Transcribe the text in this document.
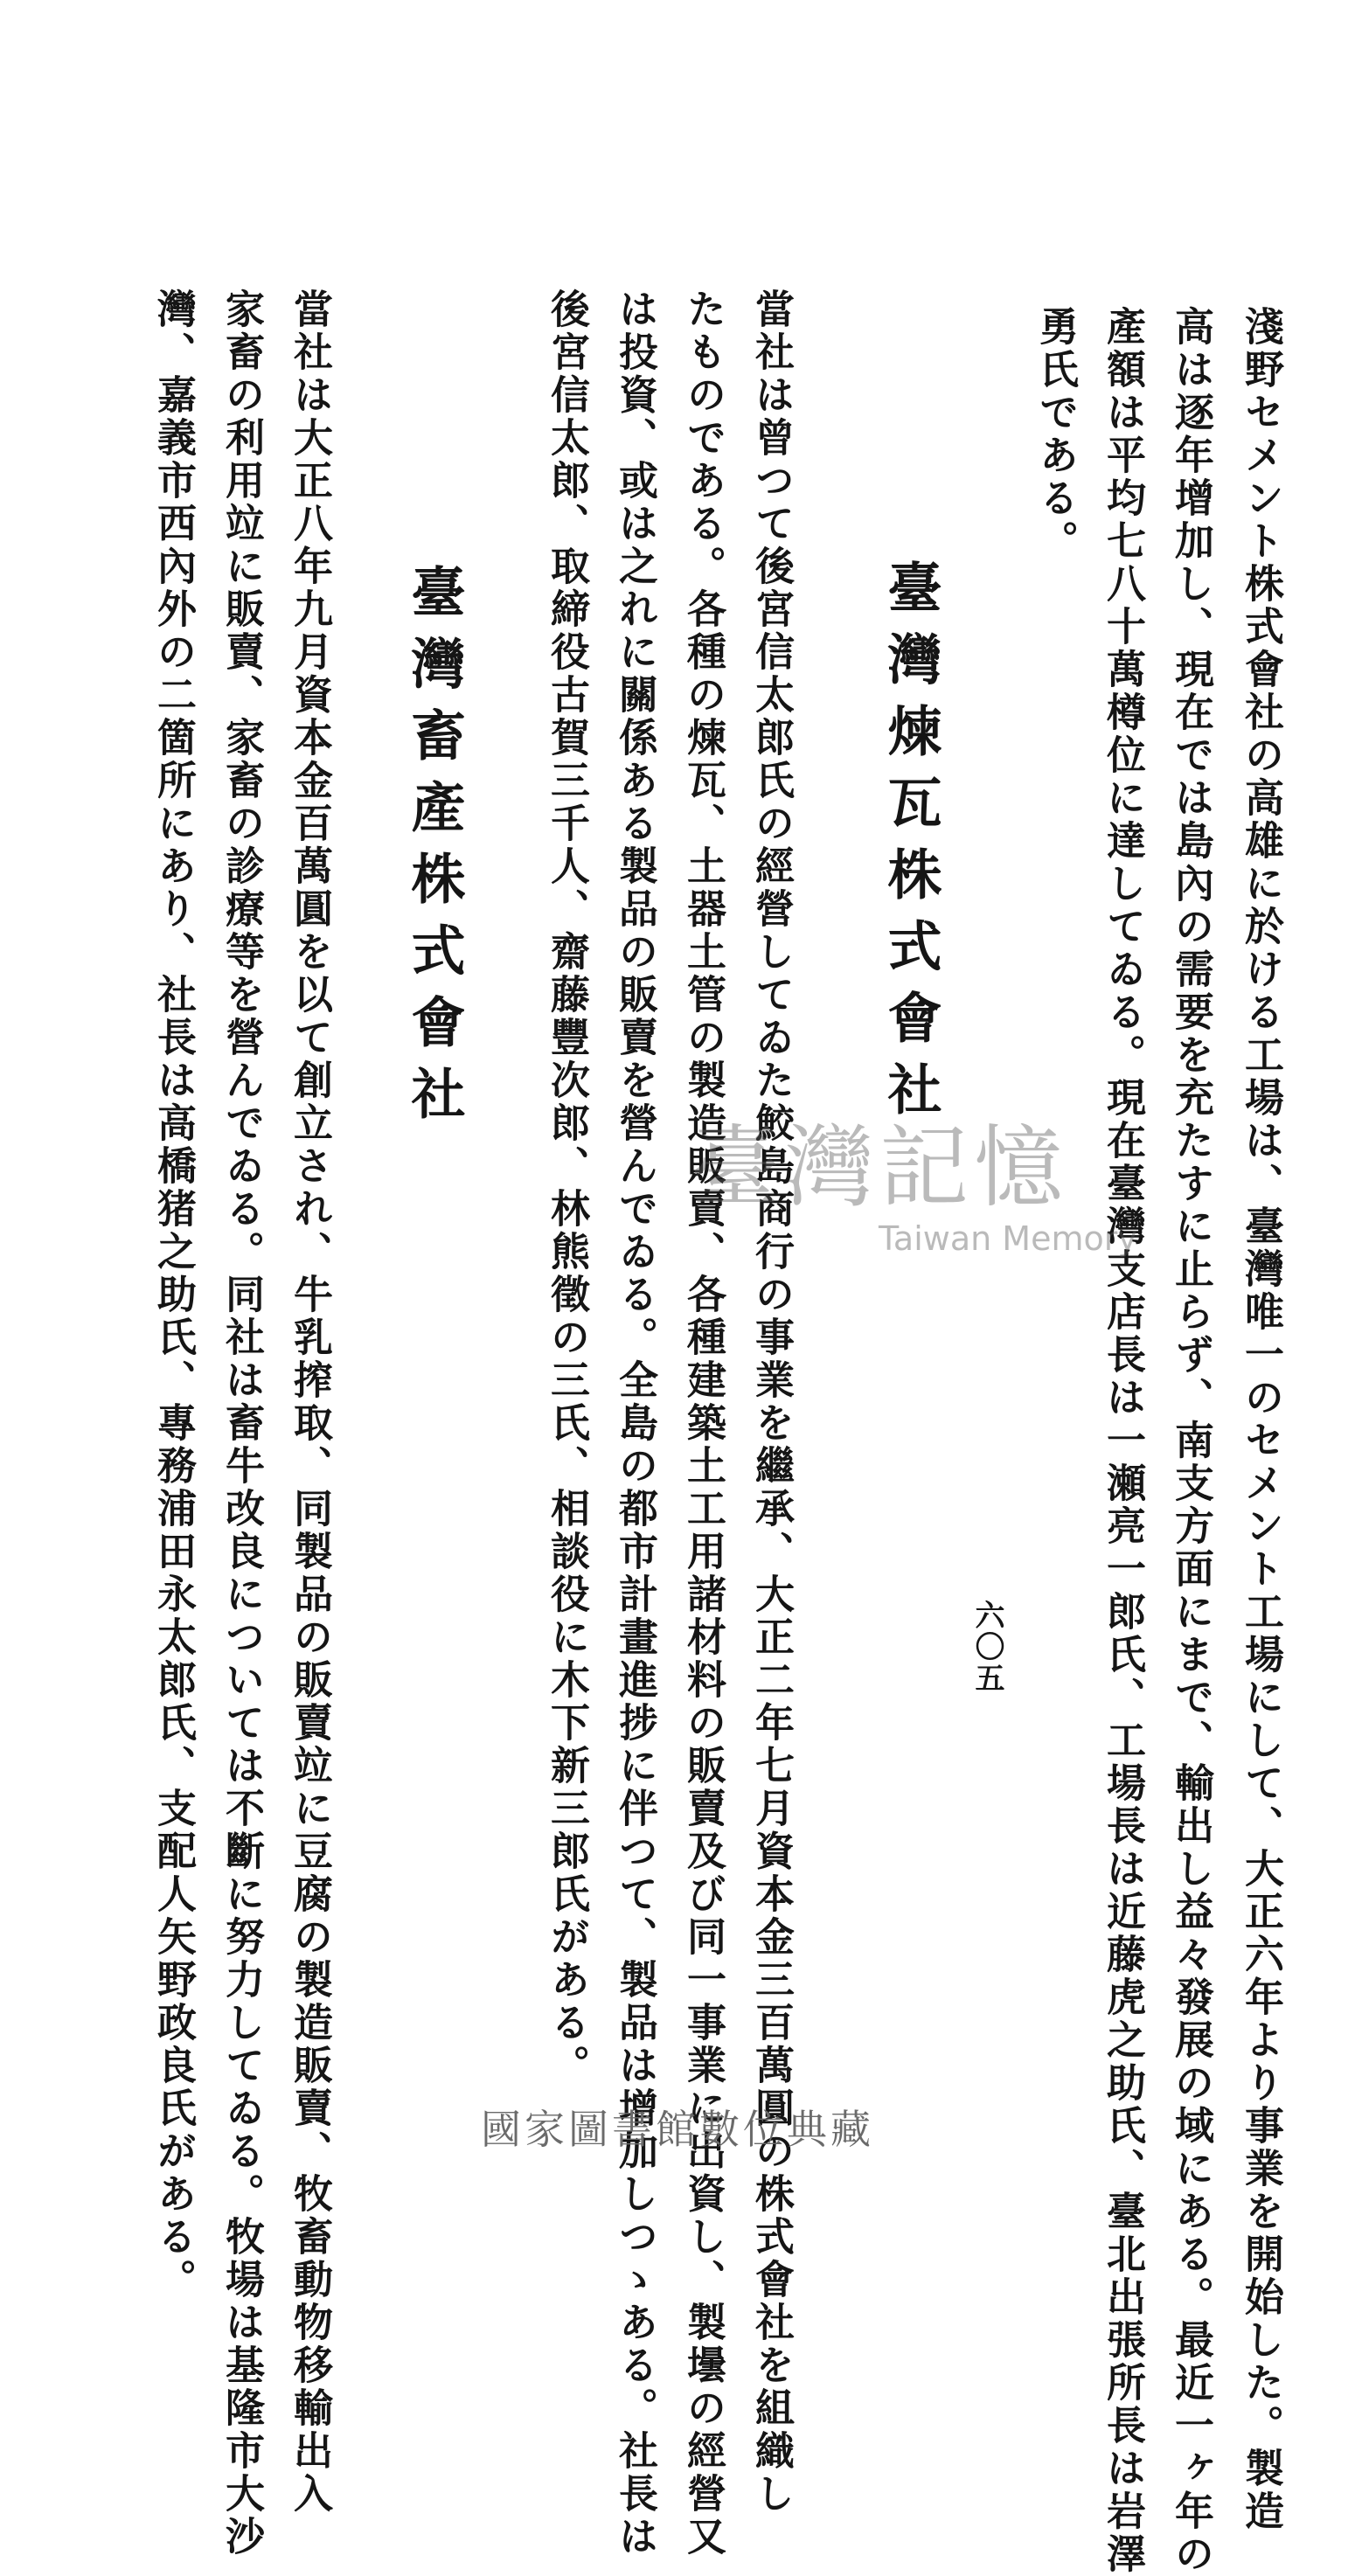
淺野セメント株式會社の高雄に於ける工場は、臺灣唯一のセメント工場にして、大正六年より事業を開始した。製造
高は逐年增加し、現在では島內の需要を充たすに止らず、南支方面にまで、輸出し益々發展の域にある。最近一ヶ年の
產額は平均七八十萬樽位に達してゐる。現在臺灣支店長は一瀬亮一郎氏、工場長は近藤虎之助氏、臺北出張所長は岩澤
勇氏である。
臺灣煉瓦株式會社
當社は曾つて後宮信太郎氏の經營してゐた鮫島商行の事業を繼承、大正二年七月資本金三百萬圓の株式會社を組織し
たものである。各種の煉瓦、土器土管の製造販賣、各種建築土工用諸材料の販賣及び同一事業に出資し、製壜の經營又
は投資、或は之れに關係ある製品の販賣を營んでゐる。全島の都市計畫進捗に伴つて、製品は增加しつゝある。社長は
後宮信太郎、取締役古賀三千人、齋藤豐次郎、林熊徵の三氏、相談役に木下新三郎氏がある。
臺灣畜產株式會社
當社は大正八年九月資本金百萬圓を以て創立され、牛乳搾取、同製品の販賣竝に豆腐の製造販賣、牧畜動物移輸出入
家畜の利用竝に販賣、家畜の診療等を營んでゐる。同社は畜牛改良については不斷に努力してゐる。牧場は基隆市大沙
灣、嘉義市西內外の二箇所にあり、社長は高橋猪之助氏、專務浦田永太郎氏、支配人矢野政良氏がある。	六〇五
臺灣記憶
Taiwan Memory
國家圖書館數位典藏
